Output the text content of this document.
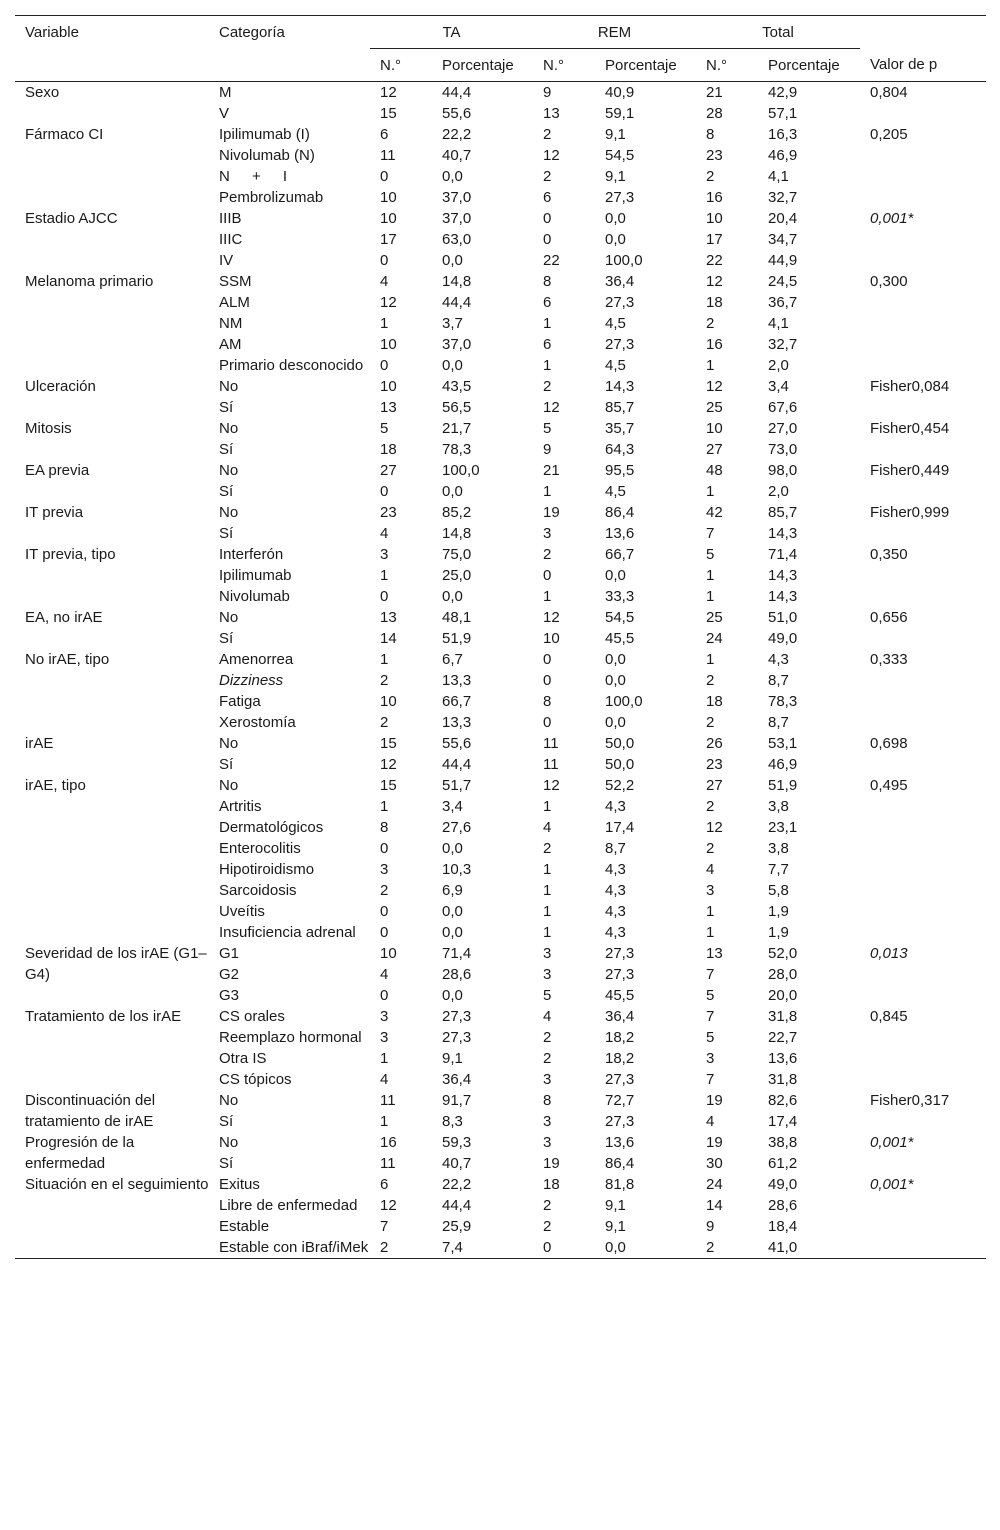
Variable	Categoría	TA		REM		Total		
		N.°	Porcentaje	N.°	Porcentaje	N.°	Porcentaje	Valor de p
Sexo	M	12	44,4	9	40,9	21	42,9	0,804
	V	15	55,6	13	59,1	28	57,1	
Fármaco CI	Ipilimumab (I)	6	22,2	2	9,1	8	16,3	0,205
	Nivolumab (N)	11	40,7	12	54,5	23	46,9	
	N + I	0	0,0	2	9,1	2	4,1	
	Pembrolizumab	10	37,0	6	27,3	16	32,7	
Estadio AJCC	IIIB	10	37,0	0	0,0	10	20,4	0,001*
	IIIC	17	63,0	0	0,0	17	34,7	
	IV	0	0,0	22	100,0	22	44,9	
Melanoma primario	SSM	4	14,8	8	36,4	12	24,5	0,300
	ALM	12	44,4	6	27,3	18	36,7	
	NM	1	3,7	1	4,5	2	4,1	
	AM	10	37,0	6	27,3	16	32,7	
	Primario desconocido	0	0,0	1	4,5	1	2,0	
Ulceración	No	10	43,5	2	14,3	12	3,4	Fisher0,084
	Sí	13	56,5	12	85,7	25	67,6	
Mitosis	No	5	21,7	5	35,7	10	27,0	Fisher0,454
	Sí	18	78,3	9	64,3	27	73,0	
EA previa	No	27	100,0	21	95,5	48	98,0	Fisher0,449
	Sí	0	0,0	1	4,5	1	2,0	
IT previa	No	23	85,2	19	86,4	42	85,7	Fisher0,999
	Sí	4	14,8	3	13,6	7	14,3	
IT previa, tipo	Interferón	3	75,0	2	66,7	5	71,4	0,350
	Ipilimumab	1	25,0	0	0,0	1	14,3	
	Nivolumab	0	0,0	1	33,3	1	14,3	
EA, no irAE	No	13	48,1	12	54,5	25	51,0	0,656
	Sí	14	51,9	10	45,5	24	49,0	
No irAE, tipo	Amenorrea	1	6,7	0	0,0	1	4,3	0,333
	Dizziness	2	13,3	0	0,0	2	8,7	
	Fatiga	10	66,7	8	100,0	18	78,3	
	Xerostomía	2	13,3	0	0,0	2	8,7	
irAE	No	15	55,6	11	50,0	26	53,1	0,698
	Sí	12	44,4	11	50,0	23	46,9	
irAE, tipo	No	15	51,7	12	52,2	27	51,9	0,495
	Artritis	1	3,4	1	4,3	2	3,8	
	Dermatológicos	8	27,6	4	17,4	12	23,1	
	Enterocolitis	0	0,0	2	8,7	2	3,8	
	Hipotiroidismo	3	10,3	1	4,3	4	7,7	
	Sarcoidosis	2	6,9	1	4,3	3	5,8	
	Uveítis	0	0,0	1	4,3	1	1,9	
	Insuficiencia adrenal	0	0,0	1	4,3	1	1,9	
Severidad de los irAE (G1–G4)	G1	10	71,4	3	27,3	13	52,0	0,013
	G2	4	28,6	3	27,3	7	28,0	
	G3	0	0,0	5	45,5	5	20,0	
Tratamiento de los irAE	CS orales	3	27,3	4	36,4	7	31,8	0,845
	Reemplazo hormonal	3	27,3	2	18,2	5	22,7	
	Otra IS	1	9,1	2	18,2	3	13,6	
	CS tópicos	4	36,4	3	27,3	7	31,8	
Discontinuación del tratamiento de irAE	No	11	91,7	8	72,7	19	82,6	Fisher0,317
	Sí	1	8,3	3	27,3	4	17,4	
Progresión de la enfermedad	No	16	59,3	3	13,6	19	38,8	0,001*
	Sí	11	40,7	19	86,4	30	61,2	
Situación en el seguimiento	Exitus	6	22,2	18	81,8	24	49,0	0,001*
	Libre de enfermedad	12	44,4	2	9,1	14	28,6	
	Estable	7	25,9	2	9,1	9	18,4	
	Estable con iBraf/iMek	2	7,4	0	0,0	2	41,0	
